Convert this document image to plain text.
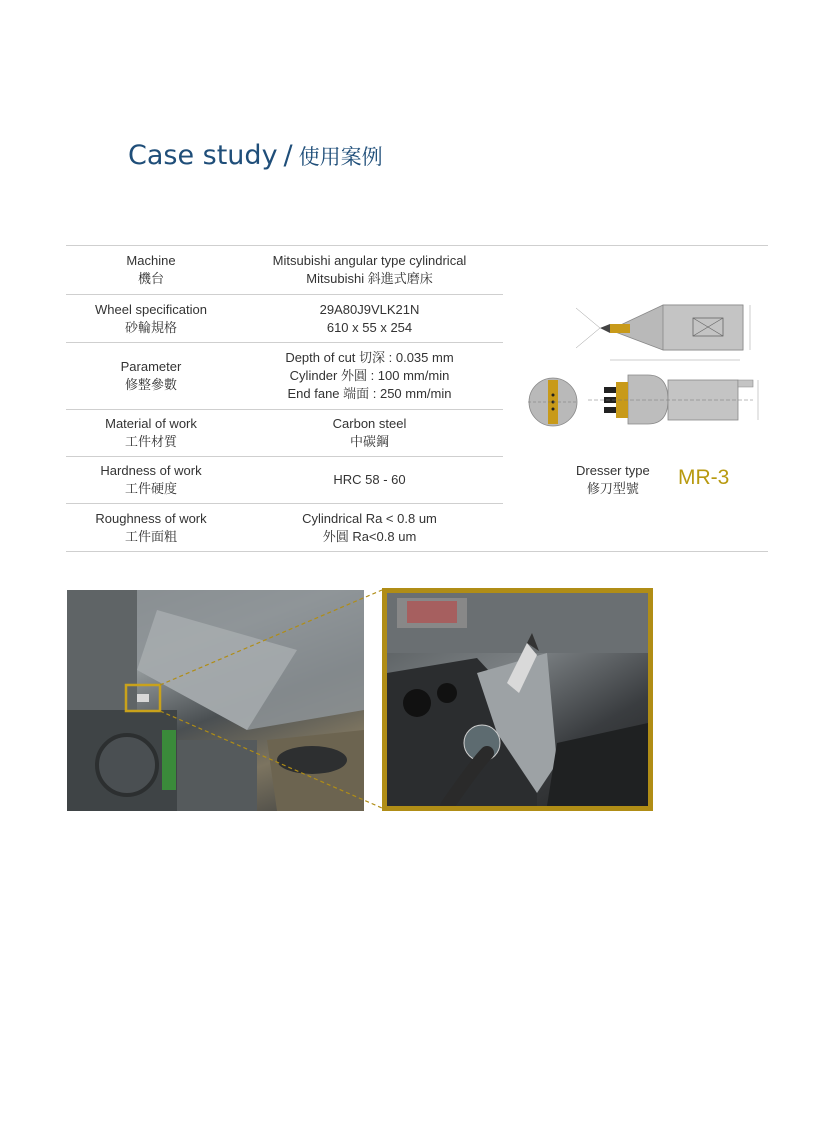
Case study / 使用案例
Machine
機台
Mitsubishi angular type cylindrical
Mitsubishi 斜進式磨床
Wheel specification
砂輪規格
29A80J9VLK21N
610 x 55 x 254
Parameter
修整參數
Depth of cut 切深 : 0.035 mm
Cylinder 外圓 : 100 mm/min
End fane 端面 : 250 mm/min
Material of work
工件材質
Carbon steel
中碳鋼
Hardness of work
工件硬度
HRC 58 - 60
Roughness of work
工件面粗
Cylindrical Ra < 0.8 um
外圓 Ra<0.8 um
Dresser type
修刀型號	MR-3
